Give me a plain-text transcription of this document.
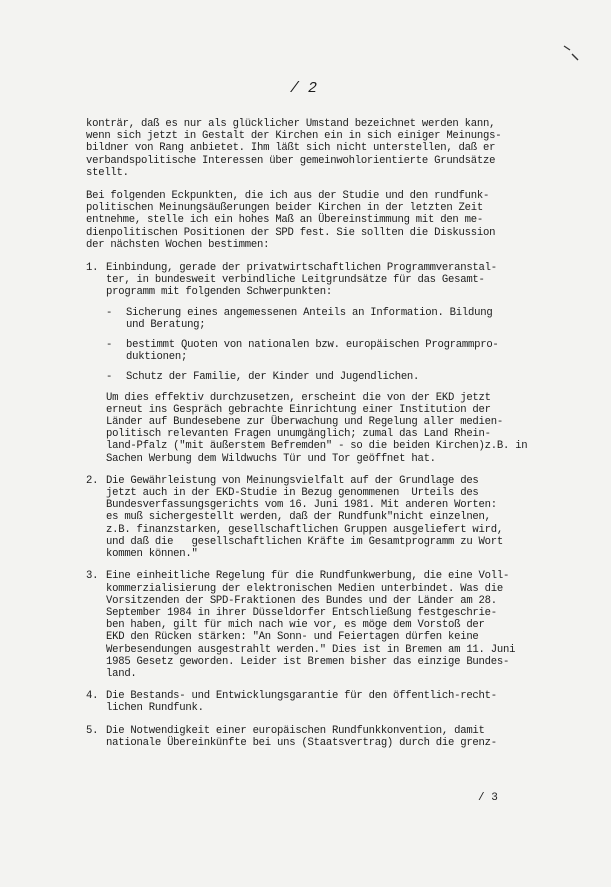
/ 2

konträr, daß es nur als glücklicher Umstand bezeichnet werden kann,
wenn sich jetzt in Gestalt der Kirchen ein in sich einiger Meinungs-
bildner von Rang anbietet. Ihm läßt sich nicht unterstellen, daß er
verbandspolitische Interessen über gemeinwohlorientierte Grundsätze
stellt.

Bei folgenden Eckpunkten, die ich aus der Studie und den rundfunk-
politischen Meinungsäußerungen beider Kirchen in der letzten Zeit
entnehme, stelle ich ein hohes Maß an Übereinstimmung mit den me-
dienpolitischen Positionen der SPD fest. Sie sollten die Diskussion
der nächsten Wochen bestimmen:

1. Einbindung, gerade der privatwirtschaftlichen Programmveranstal-
ter, in bundesweit verbindliche Leitgrundsätze für das Gesamt-
programm mit folgenden Schwerpunkten:
- Sicherung eines angemessenen Anteils an Information. Bildung
und Beratung;
- bestimmt Quoten von nationalen bzw. europäischen Programmpro-
duktionen;
- Schutz der Familie, der Kinder und Jugendlichen.
Um dies effektiv durchzusetzen, erscheint die von der EKD jetzt
erneut ins Gespräch gebrachte Einrichtung einer Institution der
Länder auf Bundesebene zur Überwachung und Regelung aller medien-
politisch relevanten Fragen unumgänglich; zumal das Land Rhein-
land-Pfalz ("mit äußerstem Befremden" - so die beiden Kirchen)z.B. in
Sachen Werbung dem Wildwuchs Tür und Tor geöffnet hat.
2. Die Gewährleistung von Meinungsvielfalt auf der Grundlage des
jetzt auch in der EKD-Studie in Bezug genommenen  Urteils des
Bundesverfassungsgerichts vom 16. Juni 1981. Mit anderen Worten:
es muß sichergestellt werden, daß der Rundfunk"nicht einzelnen,
z.B. finanzstarken, gesellschaftlichen Gruppen ausgeliefert wird,
und daß die   gesellschaftlichen Kräfte im Gesamtprogramm zu Wort
kommen können."
3. Eine einheitliche Regelung für die Rundfunkwerbung, die eine Voll-
kommerzialisierung der elektronischen Medien unterbindet. Was die
Vorsitzenden der SPD-Fraktionen des Bundes und der Länder am 28.
September 1984 in ihrer Düsseldorfer Entschließung festgeschrie-
ben haben, gilt für mich nach wie vor, es möge dem Vorstoß der
EKD den Rücken stärken: "An Sonn- und Feiertagen dürfen keine
Werbesendungen ausgestrahlt werden." Dies ist in Bremen am 11. Juni
1985 Gesetz geworden. Leider ist Bremen bisher das einzige Bundes-
land.
4. Die Bestands- und Entwicklungsgarantie für den öffentlich-recht-
lichen Rundfunk.
5. Die Notwendigkeit einer europäischen Rundfunkkonvention, damit
nationale Übereinkünfte bei uns (Staatsvertrag) durch die grenz-
/ 3
